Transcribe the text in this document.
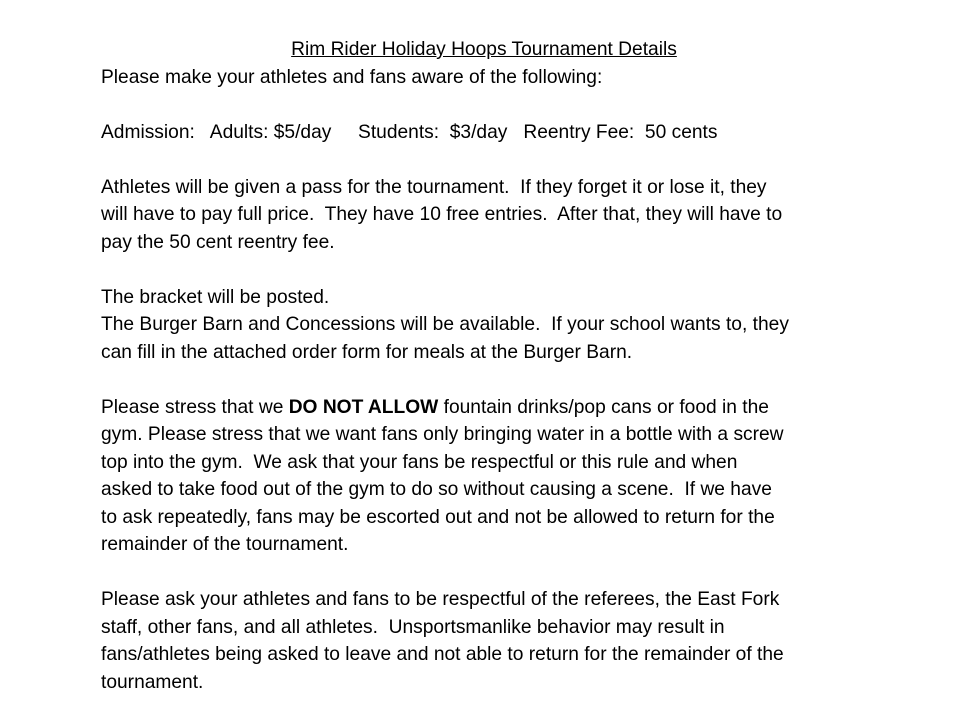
Rim Rider Holiday Hoops Tournament Details

Please make your athletes and fans aware of the following:

Admission:   Adults: $5/day     Students:  $3/day   Reentry Fee:  50 cents

Athletes will be given a pass for the tournament.  If they forget it or lose it, they

will have to pay full price.  They have 10 free entries.  After that, they will have to

pay the 50 cent reentry fee.

The bracket will be posted.

The Burger Barn and Concessions will be available.  If your school wants to, they

can fill in the attached order form for meals at the Burger Barn.

Please stress that we DO NOT ALLOW fountain drinks/pop cans or food in the

gym. Please stress that we want fans only bringing water in a bottle with a screw

top into the gym.  We ask that your fans be respectful or this rule and when

asked to take food out of the gym to do so without causing a scene.  If we have

to ask repeatedly, fans may be escorted out and not be allowed to return for the

remainder of the tournament.

Please ask your athletes and fans to be respectful of the referees, the East Fork

staff, other fans, and all athletes.  Unsportsmanlike behavior may result in

fans/athletes being asked to leave and not able to return for the remainder of the

tournament.
